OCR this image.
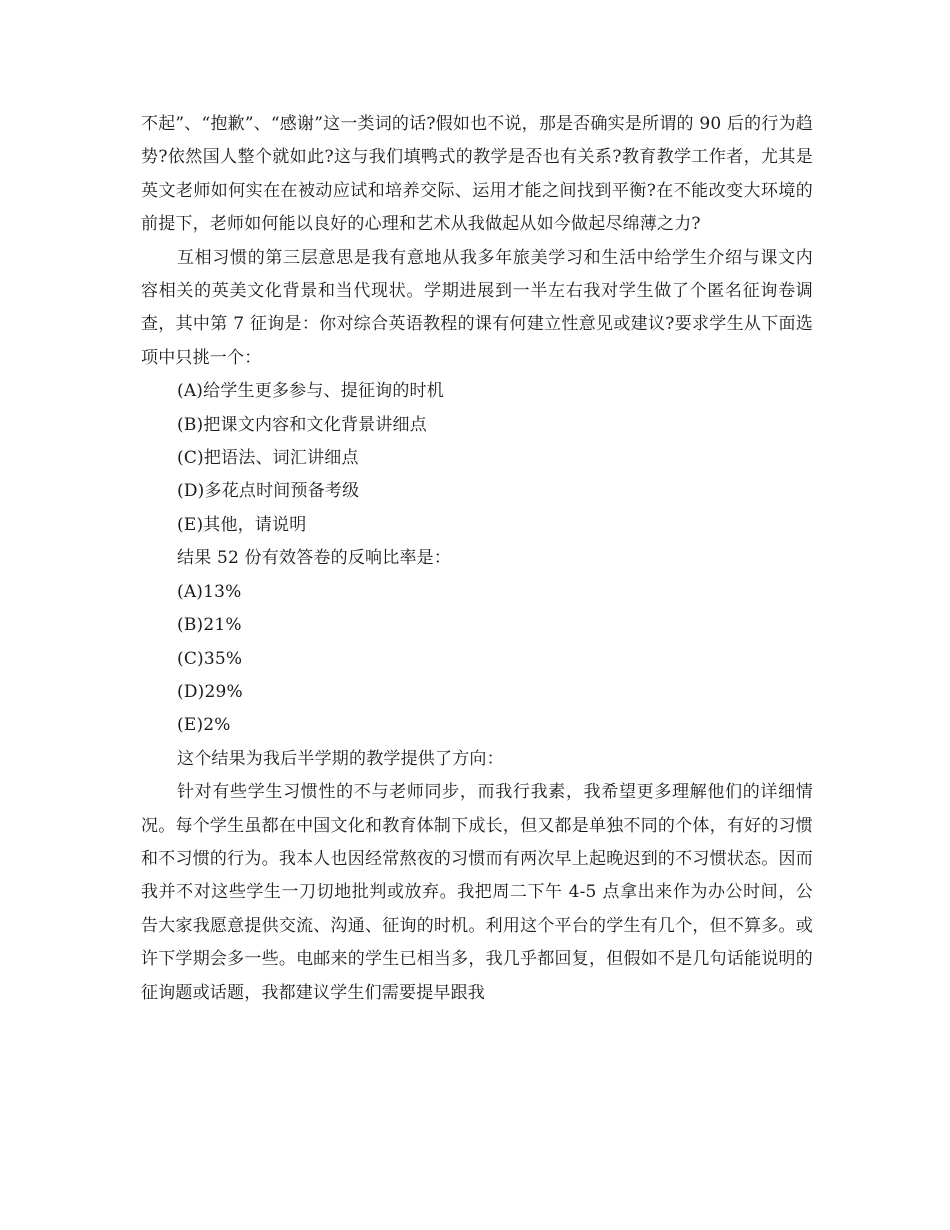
不起”、“抱歉”、“感谢”这一类词的话?假如也不说，那是否确实是所谓的 90 后的行为趋势?依然国人整个就如此?这与我们填鸭式的教学是否也有关系?教育教学工作者，尤其是英文老师如何实在在被动应试和培养交际、运用才能之间找到平衡?在不能改变大环境的前提下，老师如何能以良好的心理和艺术从我做起从如今做起尽绵薄之力?

互相习惯的第三层意思是我有意地从我多年旅美学习和生活中给学生介绍与课文内容相关的英美文化背景和当代现状。学期进展到一半左右我对学生做了个匿名征询卷调查，其中第 7 征询是：你对综合英语教程的课有何建立性意见或建议?要求学生从下面选项中只挑一个：

(A)给学生更多参与、提征询的时机

(B)把课文内容和文化背景讲细点

(C)把语法、词汇讲细点

(D)多花点时间预备考级

(E)其他，请说明

结果 52 份有效答卷的反响比率是：

(A)13%

(B)21%

(C)35%

(D)29%

(E)2%

这个结果为我后半学期的教学提供了方向：

针对有些学生习惯性的不与老师同步，而我行我素，我希望更多理解他们的详细情况。每个学生虽都在中国文化和教育体制下成长，但又都是单独不同的个体，有好的习惯和不习惯的行为。我本人也因经常熬夜的习惯而有两次早上起晚迟到的不习惯状态。因而我并不对这些学生一刀切地批判或放弃。我把周二下午 4-5 点拿出来作为办公时间，公告大家我愿意提供交流、沟通、征询的时机。利用这个平台的学生有几个，但不算多。或许下学期会多一些。电邮来的学生已相当多，我几乎都回复，但假如不是几句话能说明的征询题或话题，我都建议学生们需要提早跟我
